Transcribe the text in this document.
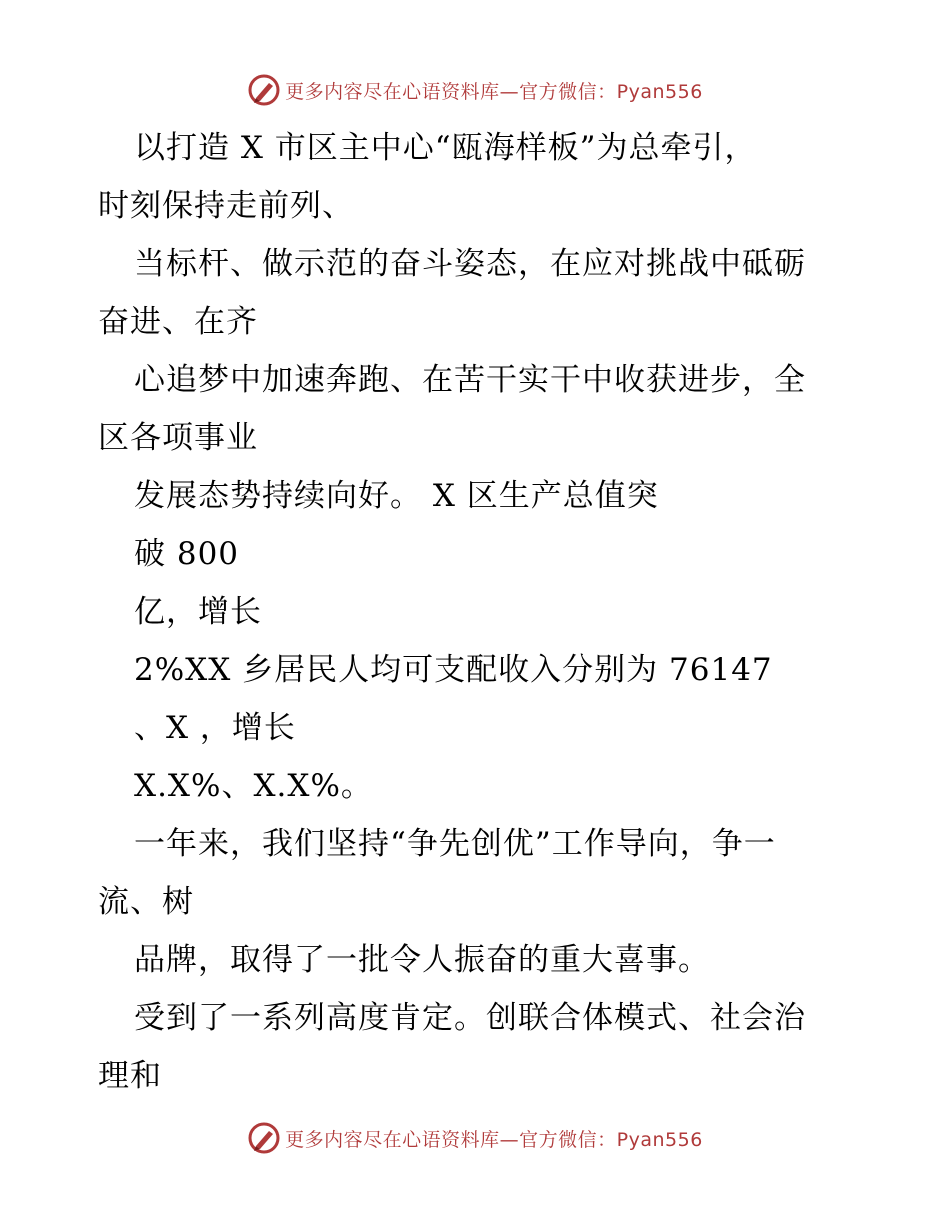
更多内容尽在心语资料库—官方微信：Pyan556
以打造 X 市区主中心“瓯海样板”为总牵引，
时刻保持走前列、
当标杆、做示范的奋斗姿态，在应对挑战中砥砺
奋进、在齐
心追梦中加速奔跑、在苦干实干中收获进步，全
区各项事业
发展态势持续向好。 X 区生产总值突
破 800
亿，增长
2%XX 乡居民人均可支配收入分别为 76147
、X ，增长
X.X%、X.X%。
一年来，我们坚持“争先创优”工作导向，争一
流、树
品牌，取得了一批令人振奋的重大喜事。
受到了一系列高度肯定。创联合体模式、社会治
理和
更多内容尽在心语资料库—官方微信：Pyan556
